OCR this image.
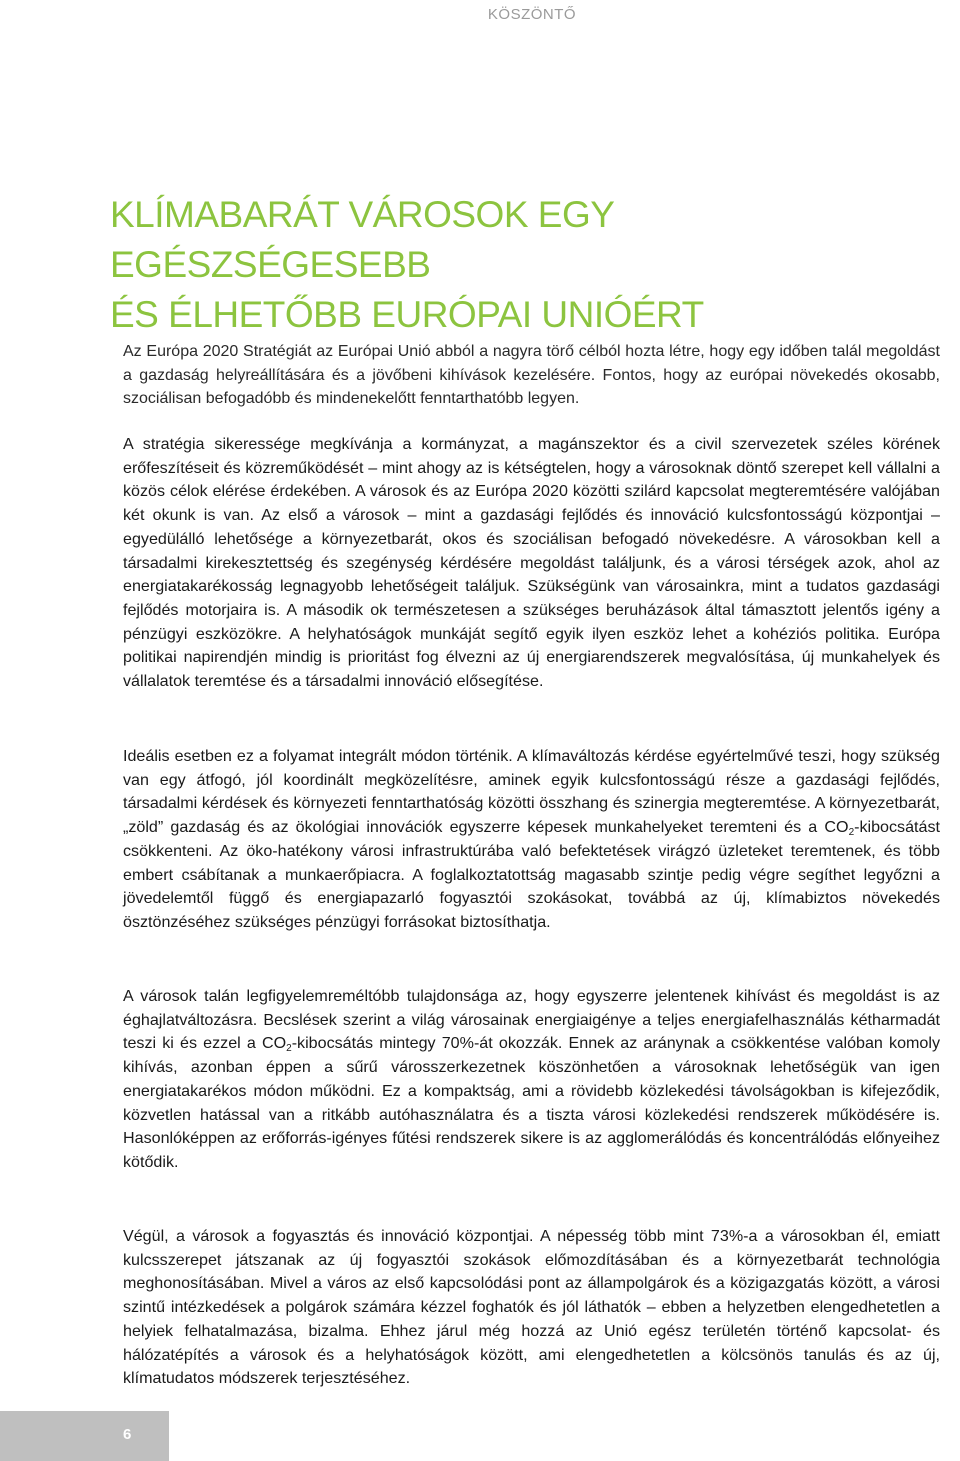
KÖSZÖNTŐ
KLÍMABARÁT VÁROSOK EGY EGÉSZSÉGESEBB
ÉS ÉLHETŐBB EURÓPAI UNIÓÉRT

Az Európa 2020 Stratégiát az Európai Unió abból a nagyra törő célból hozta létre, hogy egy időben talál megoldást a gazdaság helyreállítására és a jövőbeni kihívások kezelésére. Fontos, hogy az európai növekedés okosabb, szociálisan befogadóbb és mindenekelőtt fenntarthatóbb legyen.

A stratégia sikeressége megkívánja a kormányzat, a magánszektor és a civil szervezetek széles körének erőfeszítéseit és közreműködését – mint ahogy az is kétségtelen, hogy a városoknak döntő szerepet kell vállalni a közös célok elérése érdekében. A városok és az Európa 2020 közötti szilárd kapcsolat megteremtésére valójában két okunk is van. Az első a városok – mint a gazdasági fejlődés és innováció kulcsfontosságú központjai – egyedülálló lehetősége a környezetbarát, okos és szociálisan befogadó növekedésre. A városokban kell a társadalmi kirekesztettség és szegénység kérdésére megoldást találjunk, és a városi térségek azok, ahol az energiatakarékosság legnagyobb lehetőségeit találjuk. Szükségünk van városainkra, mint a tudatos gazdasági fejlődés motorjaira is. A második ok természetesen a szükséges beruházások által támasztott jelentős igény a pénzügyi eszközökre. A helyhatóságok munkáját segítő egyik ilyen eszköz lehet a kohéziós politika. Európa politikai napirendjén mindig is prioritást fog élvezni az új energiarendszerek megvalósítása, új munkahelyek és vállalatok teremtése és a társadalmi innováció elősegítése.

Ideális esetben ez a folyamat integrált módon történik. A klímaváltozás kérdése egyértelművé teszi, hogy szükség van egy átfogó, jól koordinált megközelítésre, aminek egyik kulcsfontosságú része a gazdasági fejlődés, társadalmi kérdések és környezeti fenntarthatóság közötti összhang és szinergia megteremtése. A környezetbarát, „zöld” gazdaság és az ökológiai innovációk egyszerre képesek munkahelyeket teremteni és a $CO_2$-kibocsátást csökkenteni. Az öko-hatékony városi infrastruktúrába való befektetések virágzó üzleteket teremtenek, és több embert csábítanak a munkaerőpiacra. A foglalkoztatottság magasabb szintje pedig végre segíthet legyőzni a jövedelemtől függő és energiapazarló fogyasztói szokásokat, továbbá az új, klímabiztos növekedés ösztönzéséhez szükséges pénzügyi forrásokat biztosíthatja.

A városok talán legfigyelemreméltóbb tulajdonsága az, hogy egyszerre jelentenek kihívást és megoldást is az éghajlatváltozásra. Becslések szerint a világ városainak energiaigénye a teljes energiafelhasználás kétharmadát teszi ki és ezzel a $CO_2$-kibocsátás mintegy 70%-át okozzák. Ennek az aránynak a csökkentése valóban komoly kihívás, azonban éppen a sűrű városszerkezetnek köszönhetően a városoknak lehetőségük van igen energiatakarékos módon működni. Ez a kompaktság, ami a rövidebb közlekedési távolságokban is kifejeződik, közvetlen hatással van a ritkább autóhasználatra és a tiszta városi közlekedési rendszerek működésére is. Hasonlóképpen az erőforrás-igényes fűtési rendszerek sikere is az agglomerálódás és koncentrálódás előnyeihez kötődik.

Végül, a városok a fogyasztás és innováció központjai. A népesség több mint 73%-a a városokban él, emiatt kulcsszerepet játszanak az új fogyasztói szokások előmozdításában és a környezetbarát technológia meghonosításában. Mivel a város az első kapcsolódási pont az állampolgárok és a közigazgatás között, a városi szintű intézkedések a polgárok számára kézzel foghatók és jól láthatók – ebben a helyzetben elengedhetetlen a helyiek felhatalmazása, bizalma. Ehhez járul még hozzá az Unió egész területén történő kapcsolat- és hálózatépítés a városok és a helyhatóságok között, ami elengedhetetlen a kölcsönös tanulás és az új, klímatudatos módszerek terjesztéséhez.

6
